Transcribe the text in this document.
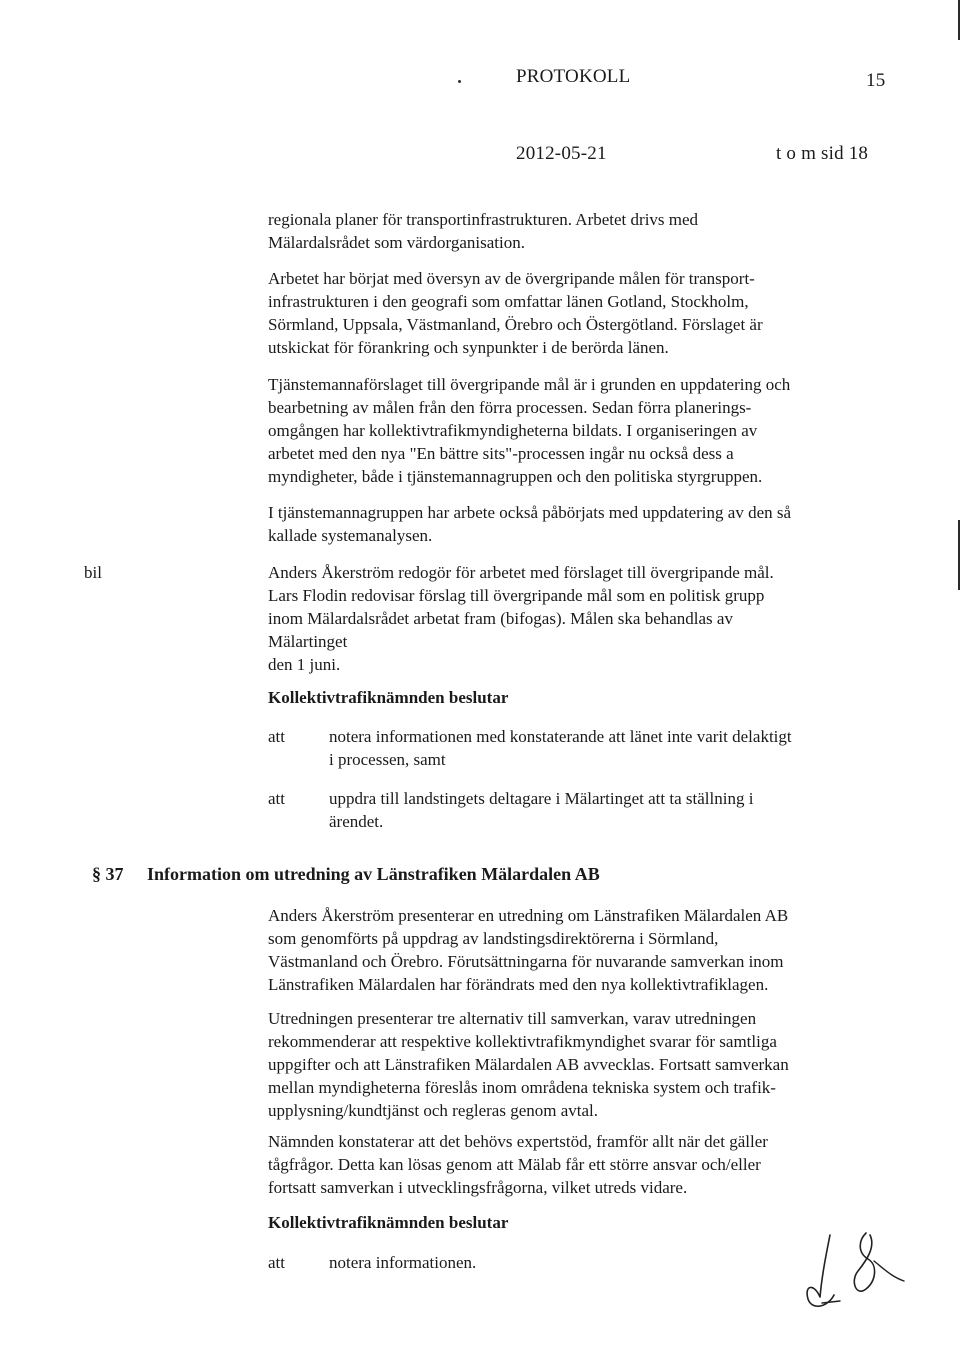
PROTOKOLL	15
2012-05-21	t o m sid 18
regionala planer för transportinfrastrukturen. Arbetet drivs med
Mälardalsrådet som värdorganisation.
Arbetet har börjat med översyn av de övergripande målen för transport-
infrastrukturen i den geografi som omfattar länen Gotland, Stockholm,
Sörmland, Uppsala, Västmanland, Örebro och Östergötland. Förslaget är
utskickat för förankring och synpunkter i de berörda länen.
Tjänstemannaförslaget till övergripande mål är i grunden en uppdatering och
bearbetning av målen från den förra processen. Sedan förra planerings-
omgången har kollektivtrafikmyndigheterna bildats. I organiseringen av
arbetet med den nya "En bättre sits"-processen ingår nu också dess a
myndigheter, både i tjänstemannagruppen och den politiska styrgruppen.
I tjänstemannagruppen har arbete också påbörjats med uppdatering av den så
kallade systemanalysen.
bil	Anders Åkerström redogör för arbetet med förslaget till övergripande mål.
Lars Flodin redovisar förslag till övergripande mål som en politisk grupp
inom Mälardalsrådet arbetat fram (bifogas). Målen ska behandlas av
Mälartinget
den 1 juni.
Kollektivtrafiknämnden beslutar
att	notera informationen med konstaterande att länet inte varit delaktigt
i processen, samt
att	uppdra till landstingets deltagare i Mälartinget att ta ställning i
ärendet.
§ 37 Information om utredning av Länstrafiken Mälardalen AB
Anders Åkerström presenterar en utredning om Länstrafiken Mälardalen AB
som genomförts på uppdrag av landstingsdirektörerna i Sörmland,
Västmanland och Örebro. Förutsättningarna för nuvarande samverkan inom
Länstrafiken Mälardalen har förändrats med den nya kollektivtrafiklagen.
Utredningen presenterar tre alternativ till samverkan, varav utredningen
rekommenderar att respektive kollektivtrafikmyndighet svarar för samtliga
uppgifter och att Länstrafiken Mälardalen AB avvecklas. Fortsatt samverkan
mellan myndigheterna föreslås inom områdena tekniska system och trafik-
upplysning/kundtjänst och regleras genom avtal.
Nämnden konstaterar att det behövs expertstöd, framför allt när det gäller
tågfrågor. Detta kan lösas genom att Mälab får ett större ansvar och/eller
fortsatt samverkan i utvecklingsfrågorna, vilket utreds vidare.
Kollektivtrafiknämnden beslutar
att	notera informationen.
